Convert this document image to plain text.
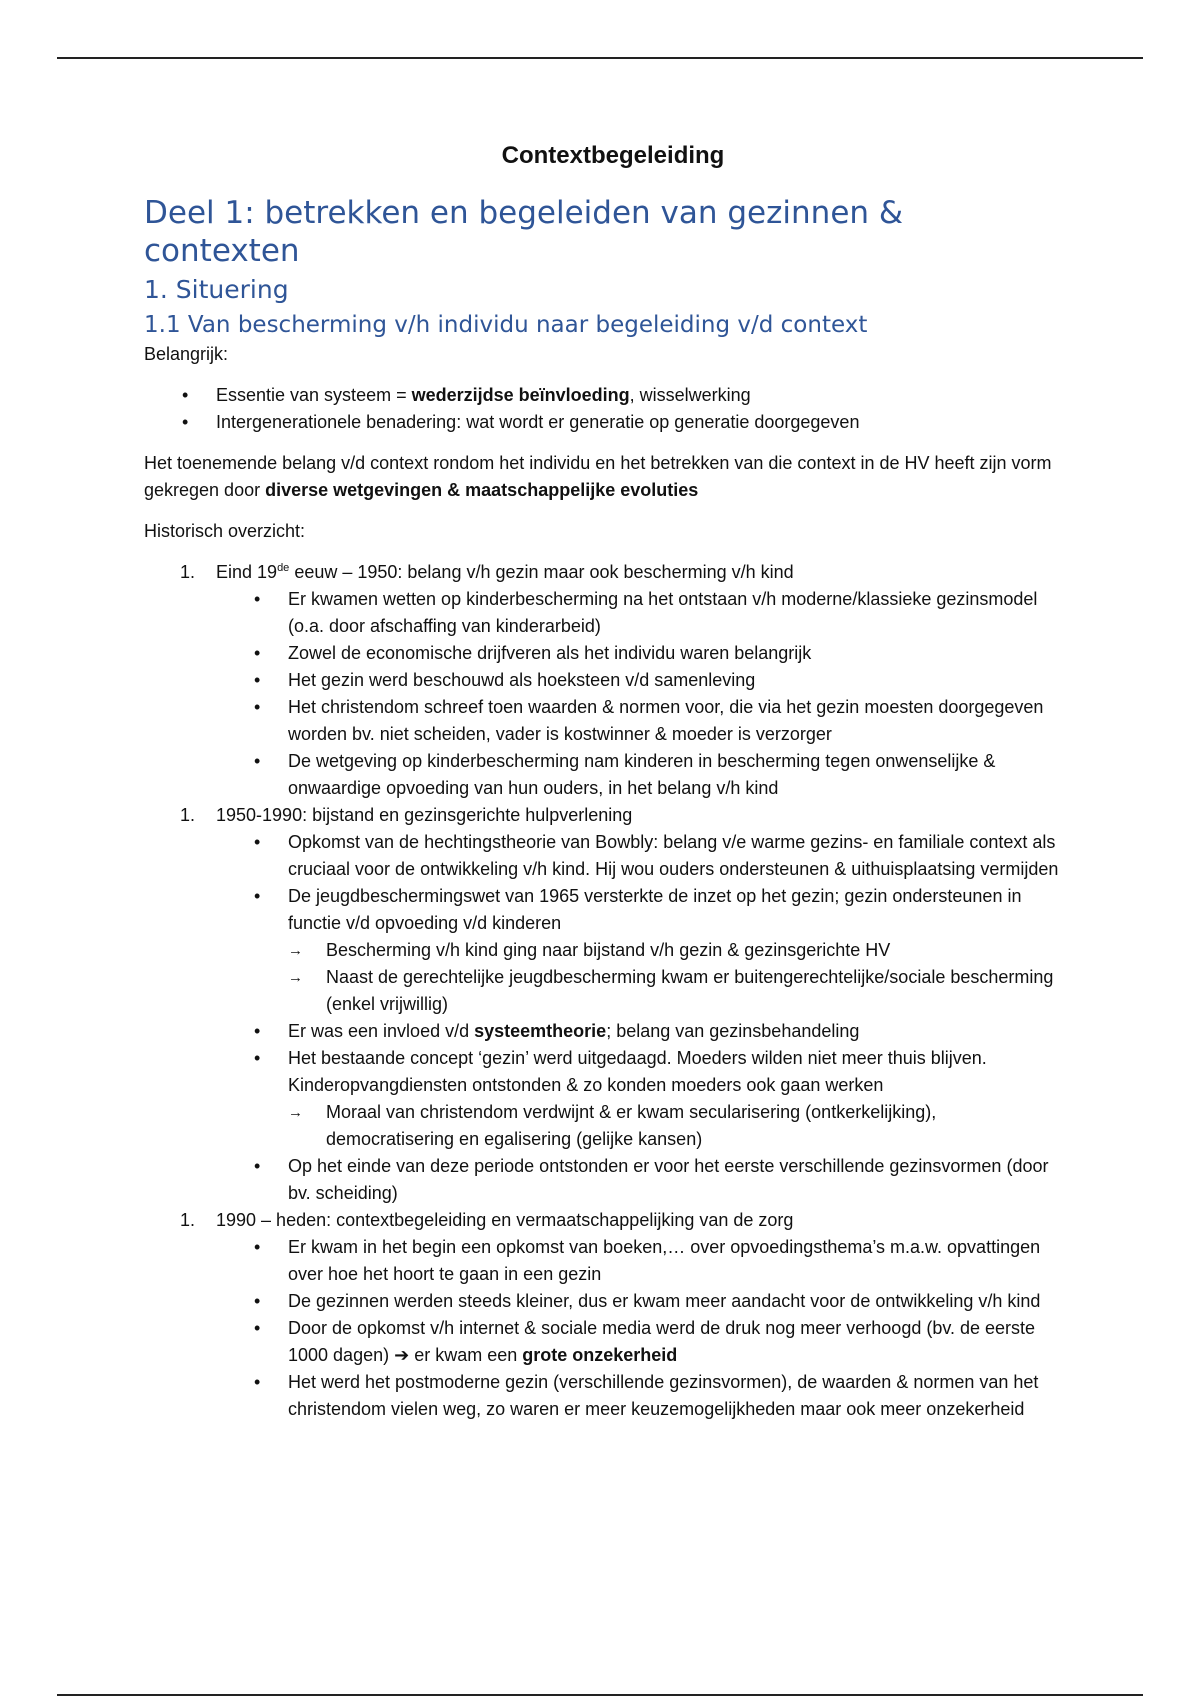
Contextbegeleiding
Deel 1: betrekken en begeleiden van gezinnen & contexten
1. Situering
1.1 Van bescherming v/h individu naar begeleiding v/d context

Belangrijk:

• Essentie van systeem = wederzijdse beïnvloeding, wisselwerking
• Intergenerationele benadering: wat wordt er generatie op generatie doorgegeven

Het toenemende belang v/d context rondom het individu en het betrekken van die context in de HV heeft zijn vorm gekregen door diverse wetgevingen & maatschappelijke evoluties

Historisch overzicht:

1. Eind 19de eeuw – 1950: belang v/h gezin maar ook bescherming v/h kind
• Er kwamen wetten op kinderbescherming na het ontstaan v/h moderne/klassieke gezinsmodel (o.a. door afschaffing van kinderarbeid)
• Zowel de economische drijfveren als het individu waren belangrijk
• Het gezin werd beschouwd als hoeksteen v/d samenleving
• Het christendom schreef toen waarden & normen voor, die via het gezin moesten doorgegeven worden bv. niet scheiden, vader is kostwinner & moeder is verzorger
• De wetgeving op kinderbescherming nam kinderen in bescherming tegen onwenselijke & onwaardige opvoeding van hun ouders, in het belang v/h kind
1. 1950-1990: bijstand en gezinsgerichte hulpverlening
• Opkomst van de hechtingstheorie van Bowbly: belang v/e warme gezins- en familiale context als cruciaal voor de ontwikkeling v/h kind. Hij wou ouders ondersteunen & uithuisplaatsing vermijden
• De jeugdbeschermingswet van 1965 versterkte de inzet op het gezin; gezin ondersteunen in functie v/d opvoeding v/d kinderen
→ Bescherming v/h kind ging naar bijstand v/h gezin & gezinsgerichte HV
→ Naast de gerechtelijke jeugdbescherming kwam er buitengerechtelijke/sociale bescherming (enkel vrijwillig)
• Er was een invloed v/d systeemtheorie; belang van gezinsbehandeling
• Het bestaande concept ‘gezin’ werd uitgedaagd. Moeders wilden niet meer thuis blijven. Kinderopvangdiensten ontstonden & zo konden moeders ook gaan werken
→ Moraal van christendom verdwijnt & er kwam secularisering (ontkerkelijking), democratisering en egalisering (gelijke kansen)
• Op het einde van deze periode ontstonden er voor het eerste verschillende gezinsvormen (door bv. scheiding)
1. 1990 – heden: contextbegeleiding en vermaatschappelijking van de zorg
• Er kwam in het begin een opkomst van boeken,… over opvoedingsthema’s m.a.w. opvattingen over hoe het hoort te gaan in een gezin
• De gezinnen werden steeds kleiner, dus er kwam meer aandacht voor de ontwikkeling v/h kind
• Door de opkomst v/h internet & sociale media werd de druk nog meer verhoogd (bv. de eerste 1000 dagen) ➔ er kwam een grote onzekerheid
• Het werd het postmoderne gezin (verschillende gezinsvormen), de waarden & normen van het christendom vielen weg, zo waren er meer keuzemogelijkheden maar ook meer onzekerheid
